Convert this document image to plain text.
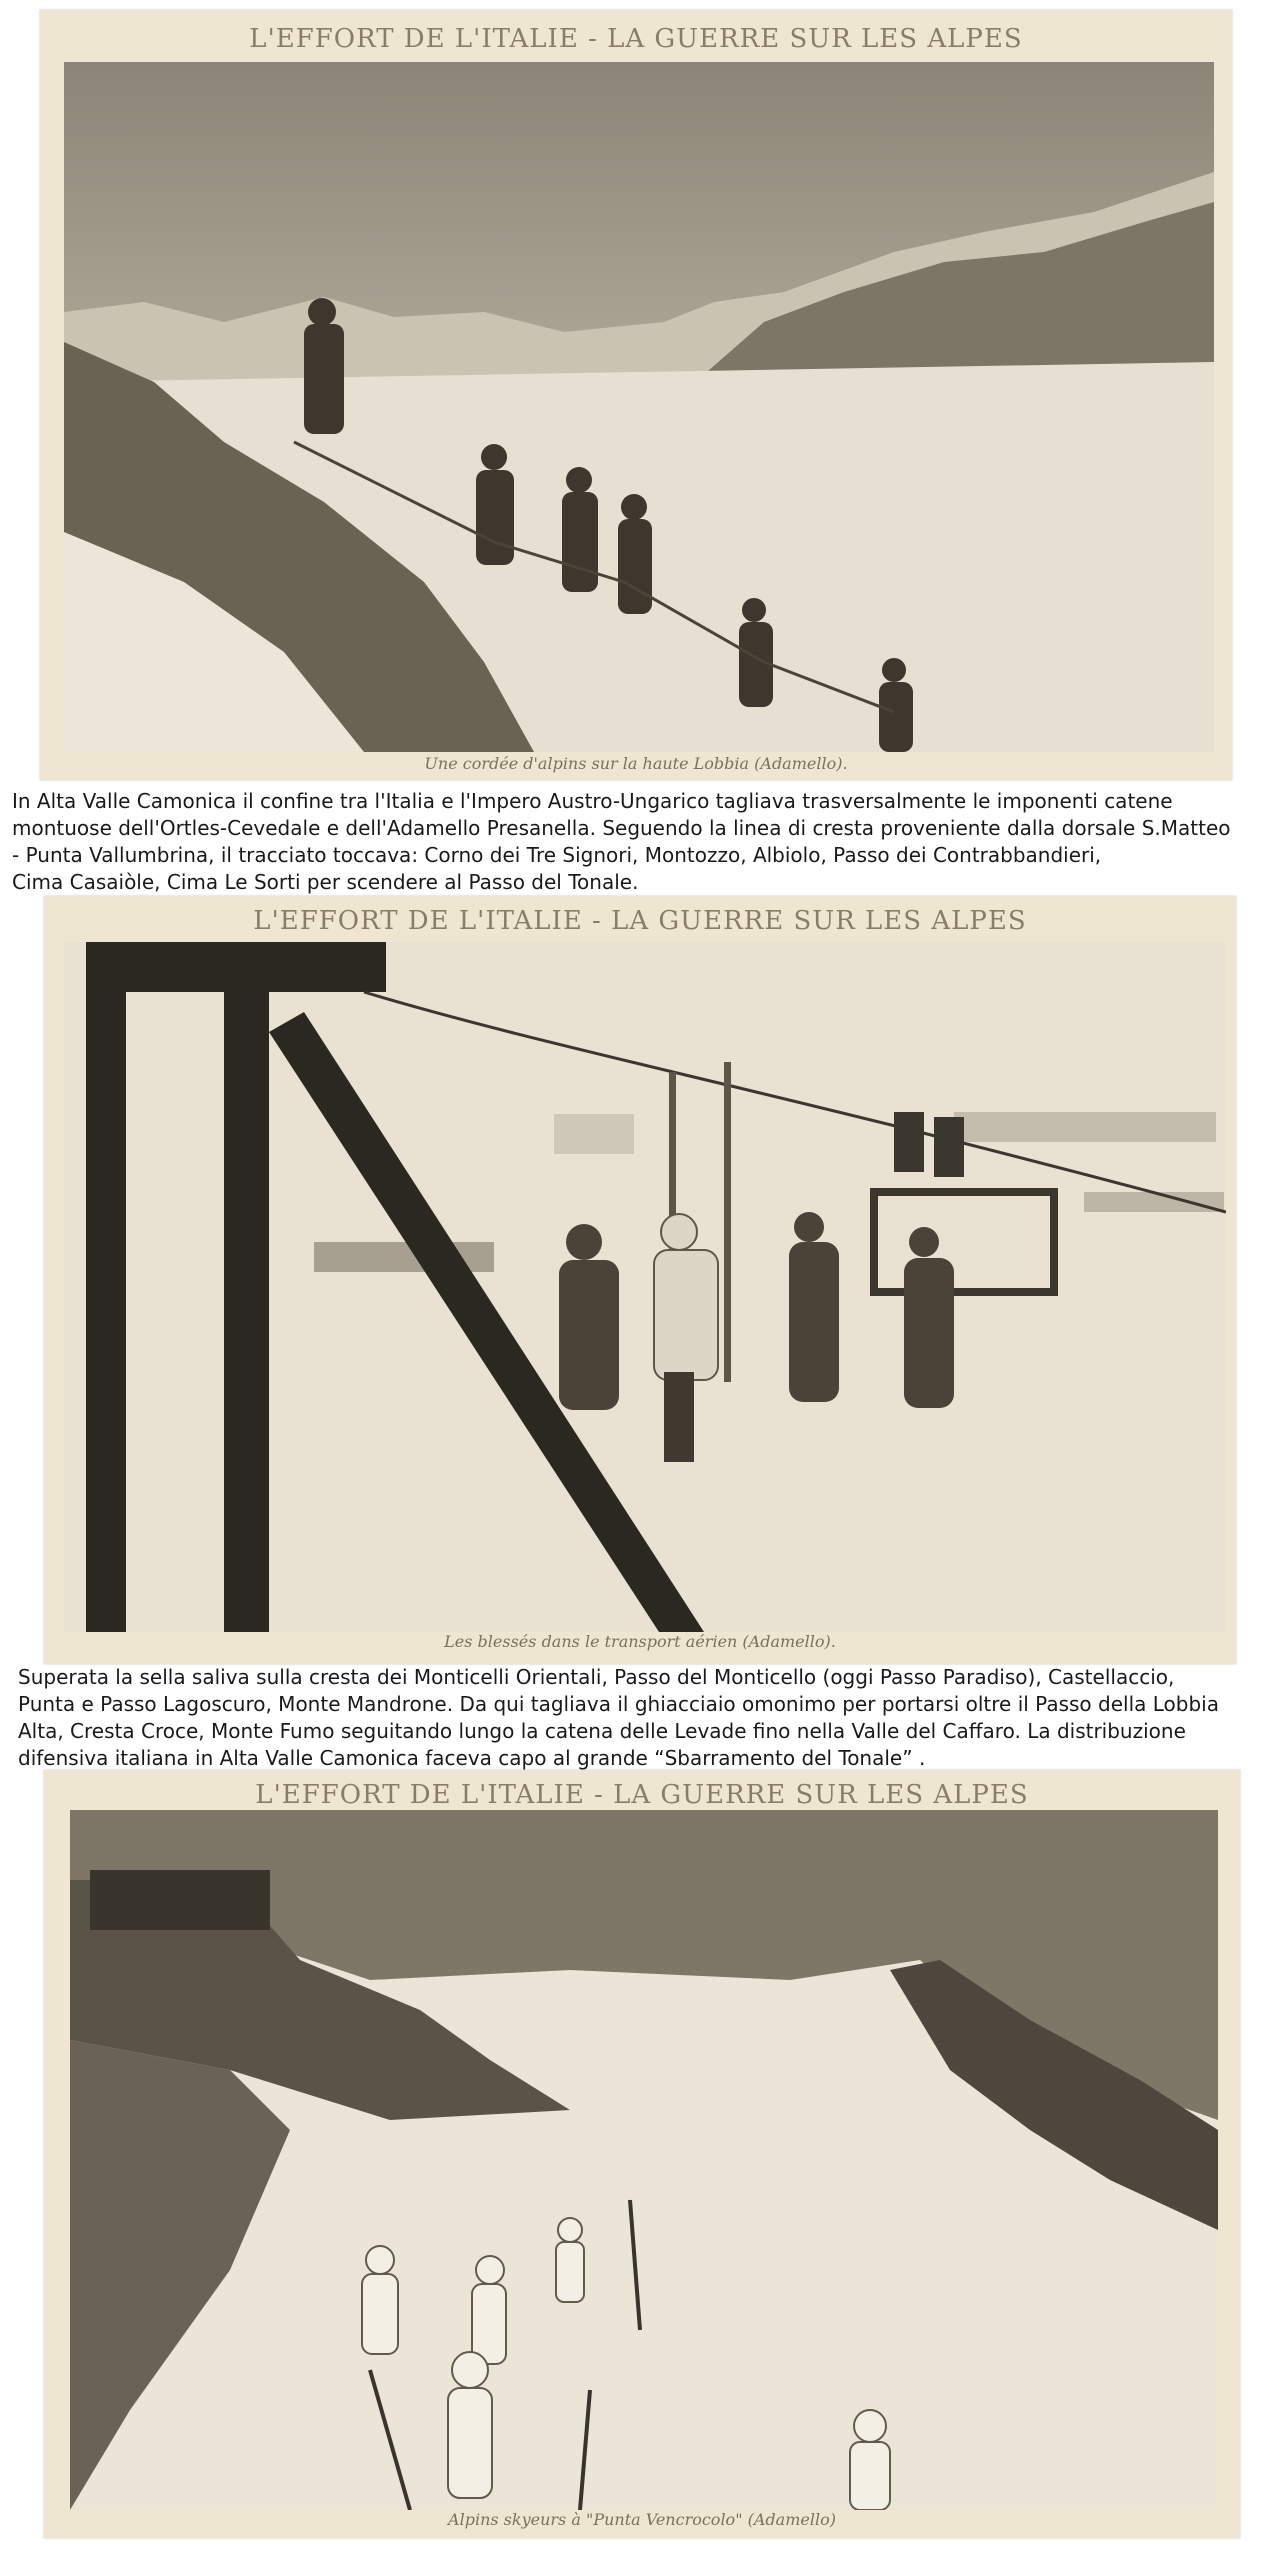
L'EFFORT DE L'ITALIE - LA GUERRE SUR LES ALPES
Une cordée d'alpins sur la haute Lobbia (Adamello).
In Alta Valle Camonica il confine tra l'Italia e l'Impero Austro-Ungarico tagliava trasversalmente le imponenti catene
montuose dell'Ortles-Cevedale e dell'Adamello Presanella. Seguendo la linea di cresta proveniente dalla dorsale S.Matteo
- Punta Vallumbrina, il tracciato toccava: Corno dei Tre Signori, Montozzo, Albiolo, Passo dei Contrabbandieri,
Cima Casaiòle, Cima Le Sorti per scendere al Passo del Tonale.
L'EFFORT DE L'ITALIE - LA GUERRE SUR LES ALPES
Les blessés dans le transport aérien (Adamello).
Superata la sella saliva sulla cresta dei Monticelli Orientali, Passo del Monticello (oggi Passo Paradiso), Castellaccio,
Punta e Passo Lagoscuro, Monte Mandrone. Da qui tagliava il ghiacciaio omonimo per portarsi oltre il Passo della Lobbia
Alta, Cresta Croce, Monte Fumo seguitando lungo la catena delle Levade fino nella Valle del Caffaro. La distribuzione
difensiva italiana in Alta Valle Camonica faceva capo al grande “Sbarramento del Tonale” .
L'EFFORT DE L'ITALIE - LA GUERRE SUR LES ALPES
Alpins skyeurs à "Punta Vencrocolo" (Adamello)
